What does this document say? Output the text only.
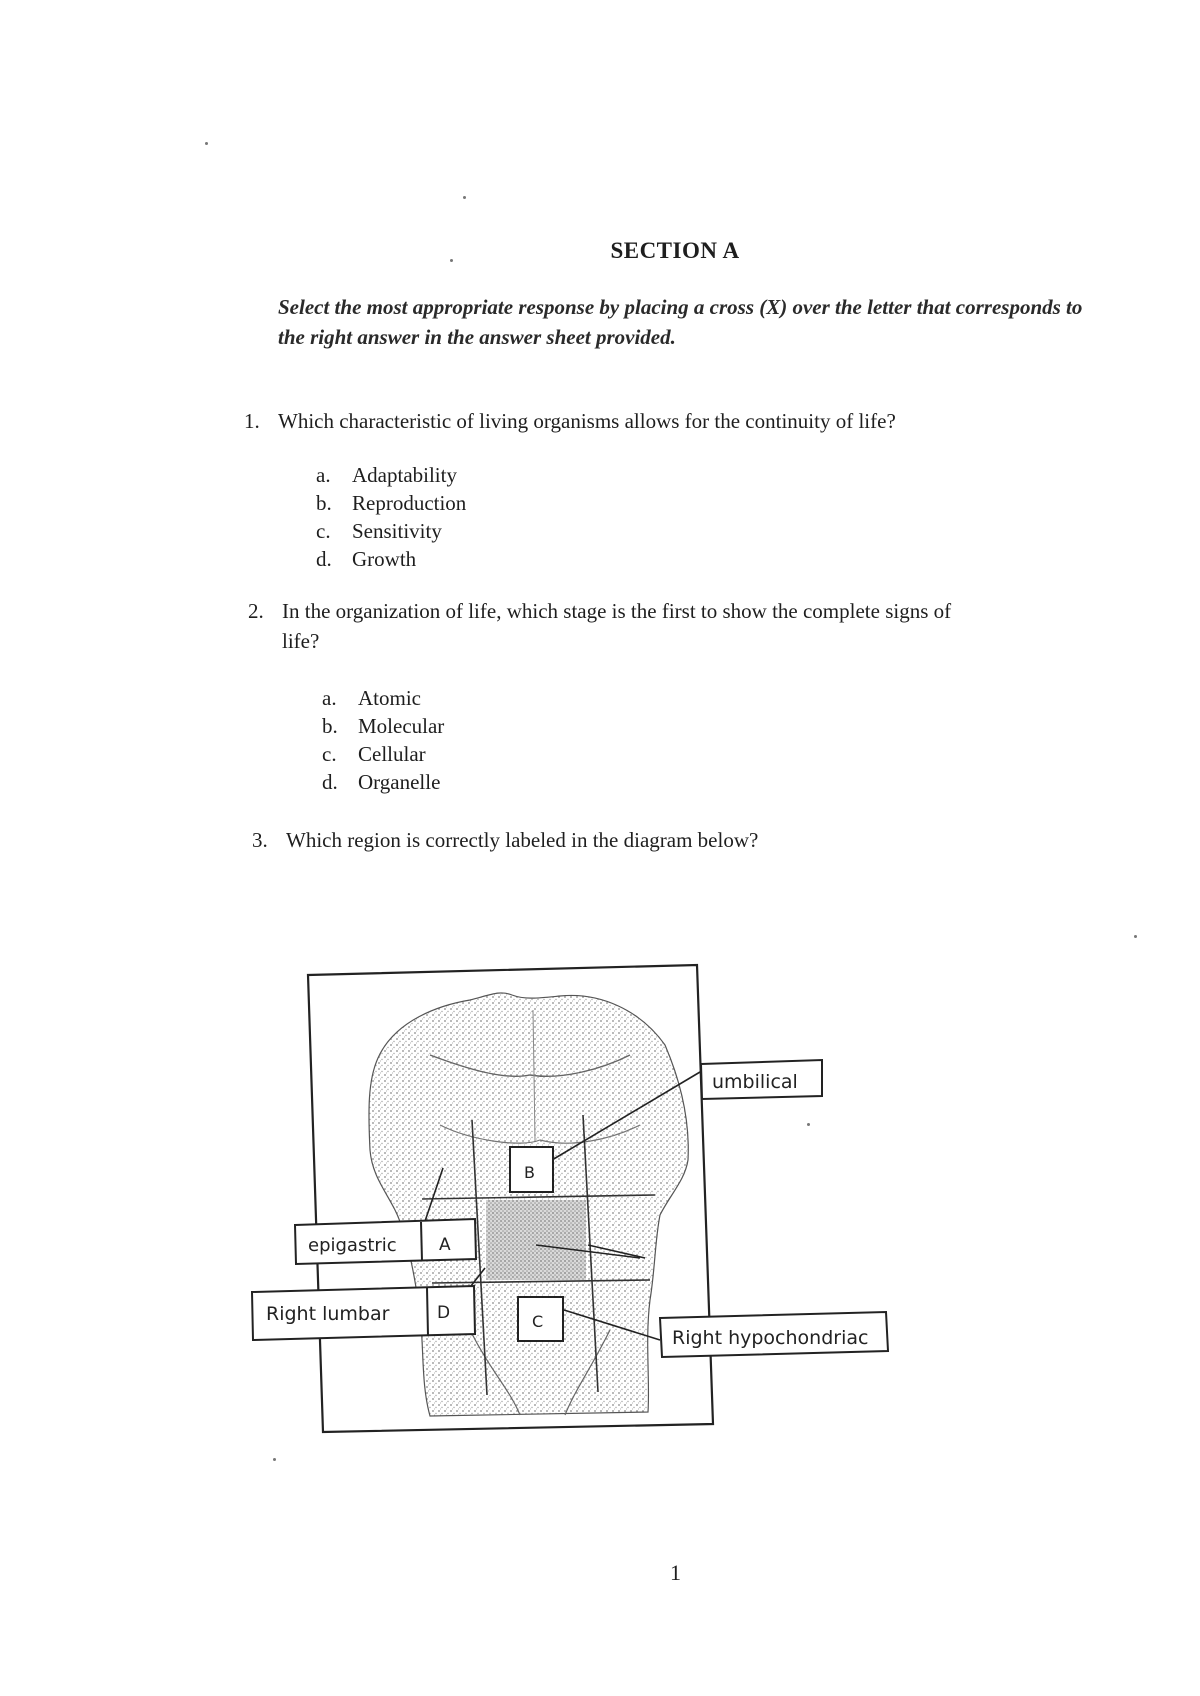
SECTION A
Select the most appropriate response by placing a cross (X) over the letter that corresponds to the right answer in the answer sheet provided.
1. Which characteristic of living organisms allows for the continuity of life?
a. Adaptability
b. Reproduction
c. Sensitivity
d. Growth
2. In the organization of life, which stage is the first to show the complete signs of
life?
a. Atomic
b. Molecular
c. Cellular
d. Organelle
3. Which region is correctly labeled in the diagram below?
umbilical
B
epigastric A
Right lumbar	D	C
Right hypochondriac
1
